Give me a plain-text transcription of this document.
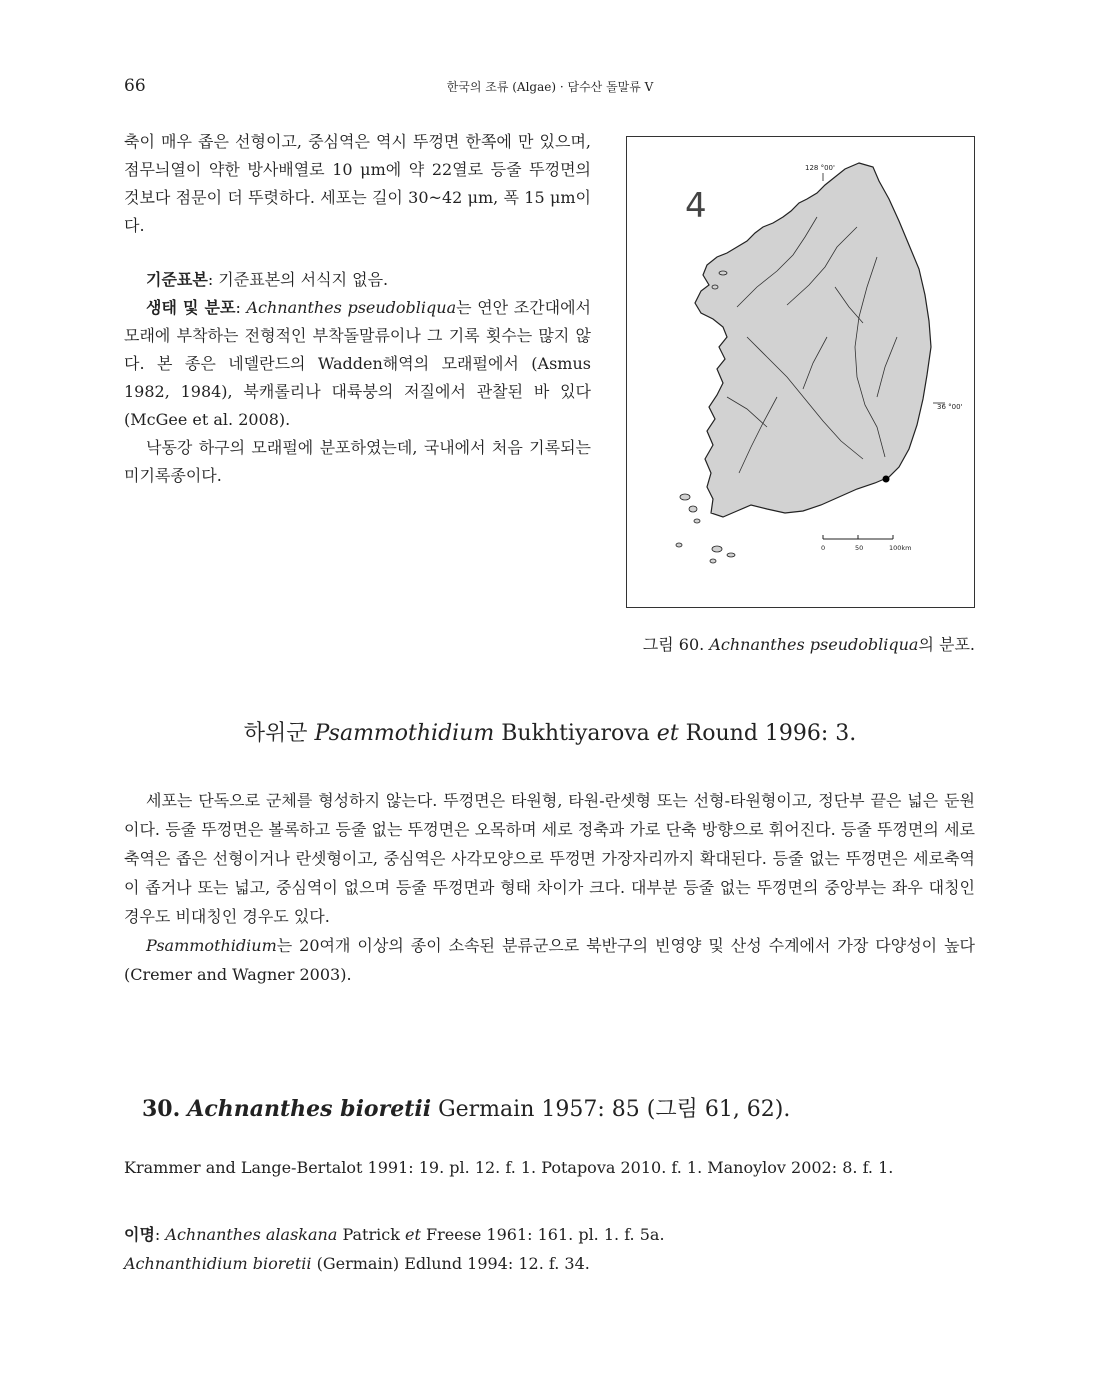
66	한국의 조류 (Algae) · 담수산 돌말류 V

축이 매우 좁은 선형이고, 중심역은 역시 뚜껑면 한쪽에 만 있으며, 점무늬열이 약한 방사배열로 10 μm에 약 22열로 등줄 뚜껑면의 것보다 점문이 더 뚜렷하다. 세포는 길이 30~42 μm, 폭 15 μm이다.

기준표본: 기준표본의 서식지 없음.

생태 및 분포: Achnanthes pseudobliqua는 연안 조간대에서 모래에 부착하는 전형적인 부착돌말류이나 그 기록 횟수는 많지 않다. 본 종은 네델란드의 Wadden해역의 모래펄에서 (Asmus 1982, 1984), 북캐롤리나 대륙붕의 저질에서 관찰된 바 있다 (McGee et al. 2008).

낙동강 하구의 모래펄에 분포하였는데, 국내에서 처음 기록되는 미기록종이다.

4
128 °00'
36 °00'
0	50	100km
그림 60. Achnanthes pseudobliqua의 분포.
하위군 Psammothidium Bukhtiyarova et Round 1996: 3.

세포는 단독으로 군체를 형성하지 않는다. 뚜껑면은 타원형, 타원-란셋형 또는 선형-타원형이고, 정단부 끝은 넓은 둔원이다. 등줄 뚜껑면은 볼록하고 등줄 없는 뚜껑면은 오목하며 세로 정축과 가로 단축 방향으로 휘어진다. 등줄 뚜껑면의 세로축역은 좁은 선형이거나 란셋형이고, 중심역은 사각모양으로 뚜껑면 가장자리까지 확대된다. 등줄 없는 뚜껑면은 세로축역이 좁거나 또는 넓고, 중심역이 없으며 등줄 뚜껑면과 형태 차이가 크다. 대부분 등줄 없는 뚜껑면의 중앙부는 좌우 대칭인 경우도 비대칭인 경우도 있다.

Psammothidium는 20여개 이상의 종이 소속된 분류군으로 북반구의 빈영양 및 산성 수계에서 가장 다양성이 높다 (Cremer and Wagner 2003).

30. Achnanthes bioretii Germain 1957: 85 (그림 61, 62).
Krammer and Lange-Bertalot 1991: 19. pl. 12. f. 1. Potapova 2010. f. 1. Manoylov 2002: 8. f. 1.

이명: Achnanthes alaskana Patrick et Freese 1961: 161. pl. 1. f. 5a.

Achnanthidium bioretii (Germain) Edlund 1994: 12. f. 34.
